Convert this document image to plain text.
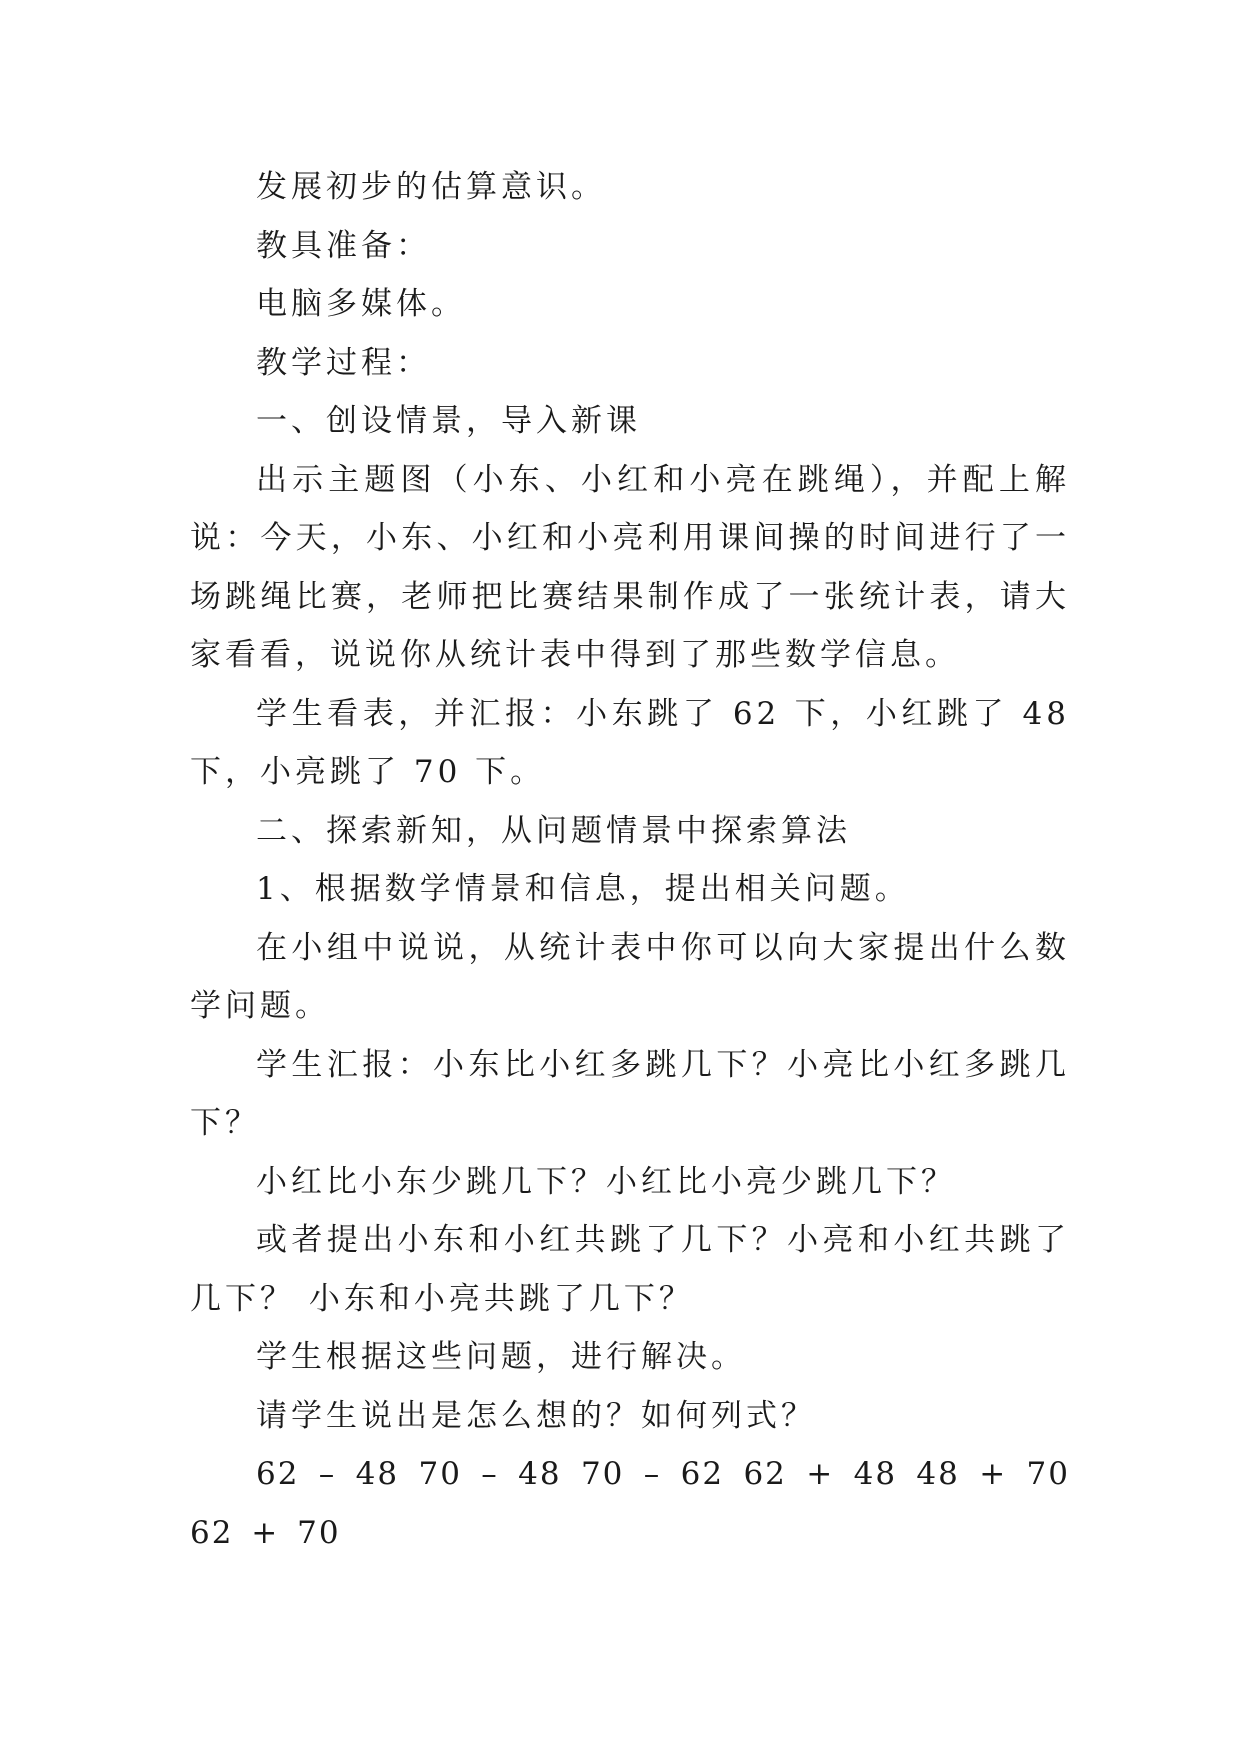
发展初步的估算意识。

教具准备：

电脑多媒体。

教学过程：

一、创设情景，导入新课

出示主题图（小东、小红和小亮在跳绳），并配上解说：今天，小东、小红和小亮利用课间操的时间进行了一场跳绳比赛，老师把比赛结果制作成了一张统计表，请大家看看，说说你从统计表中得到了那些数学信息。

学生看表，并汇报：小东跳了 62 下，小红跳了 48 下，小亮跳了 70 下。

二、探索新知，从问题情景中探索算法

1、根据数学情景和信息，提出相关问题。

在小组中说说，从统计表中你可以向大家提出什么数学问题。

学生汇报：小东比小红多跳几下？小亮比小红多跳几下？

小红比小东少跳几下？小红比小亮少跳几下？

或者提出小东和小红共跳了几下？小亮和小红共跳了几下？ 小东和小亮共跳了几下？

学生根据这些问题，进行解决。

请学生说出是怎么想的？如何列式？

62 – 48 70 – 48 70 – 62 62 + 48 48 + 70 62 + 70
